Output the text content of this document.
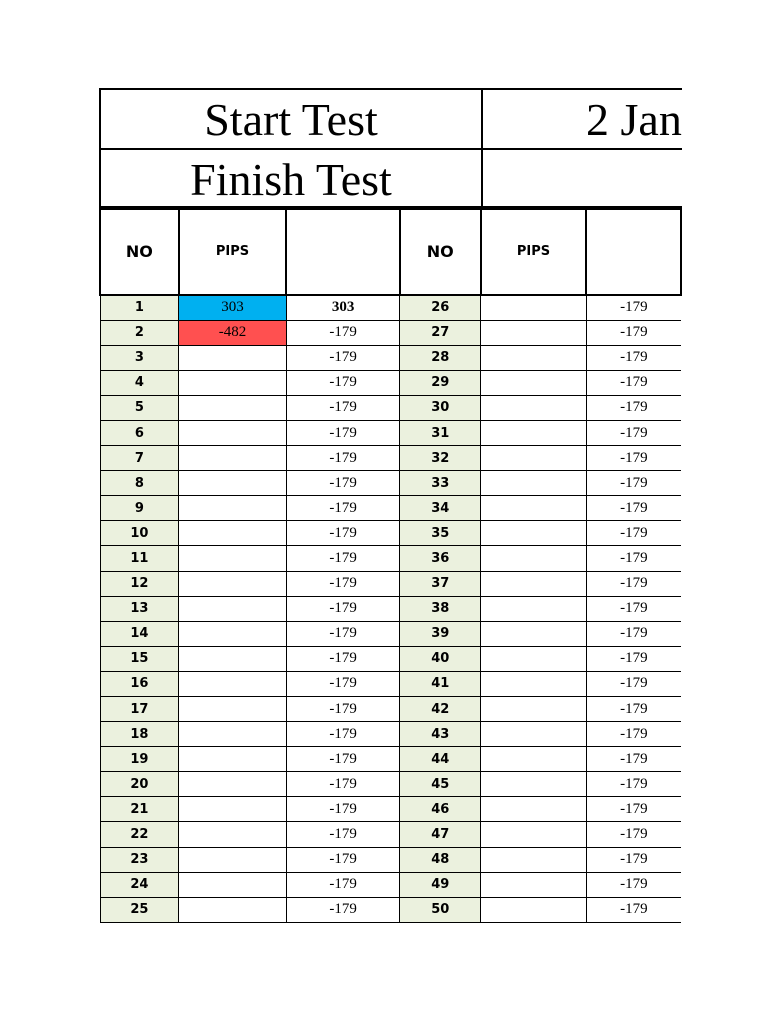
Start Test	2 Jan
Finish Test
NO	PIPS		NO	PIPS	
1	303	303	26		-179
2	-482	-179	27		-179
3		-179	28		-179
4		-179	29		-179
5		-179	30		-179
6		-179	31		-179
7		-179	32		-179
8		-179	33		-179
9		-179	34		-179
10		-179	35		-179
11		-179	36		-179
12		-179	37		-179
13		-179	38		-179
14		-179	39		-179
15		-179	40		-179
16		-179	41		-179
17		-179	42		-179
18		-179	43		-179
19		-179	44		-179
20		-179	45		-179
21		-179	46		-179
22		-179	47		-179
23		-179	48		-179
24		-179	49		-179
25		-179	50		-179
